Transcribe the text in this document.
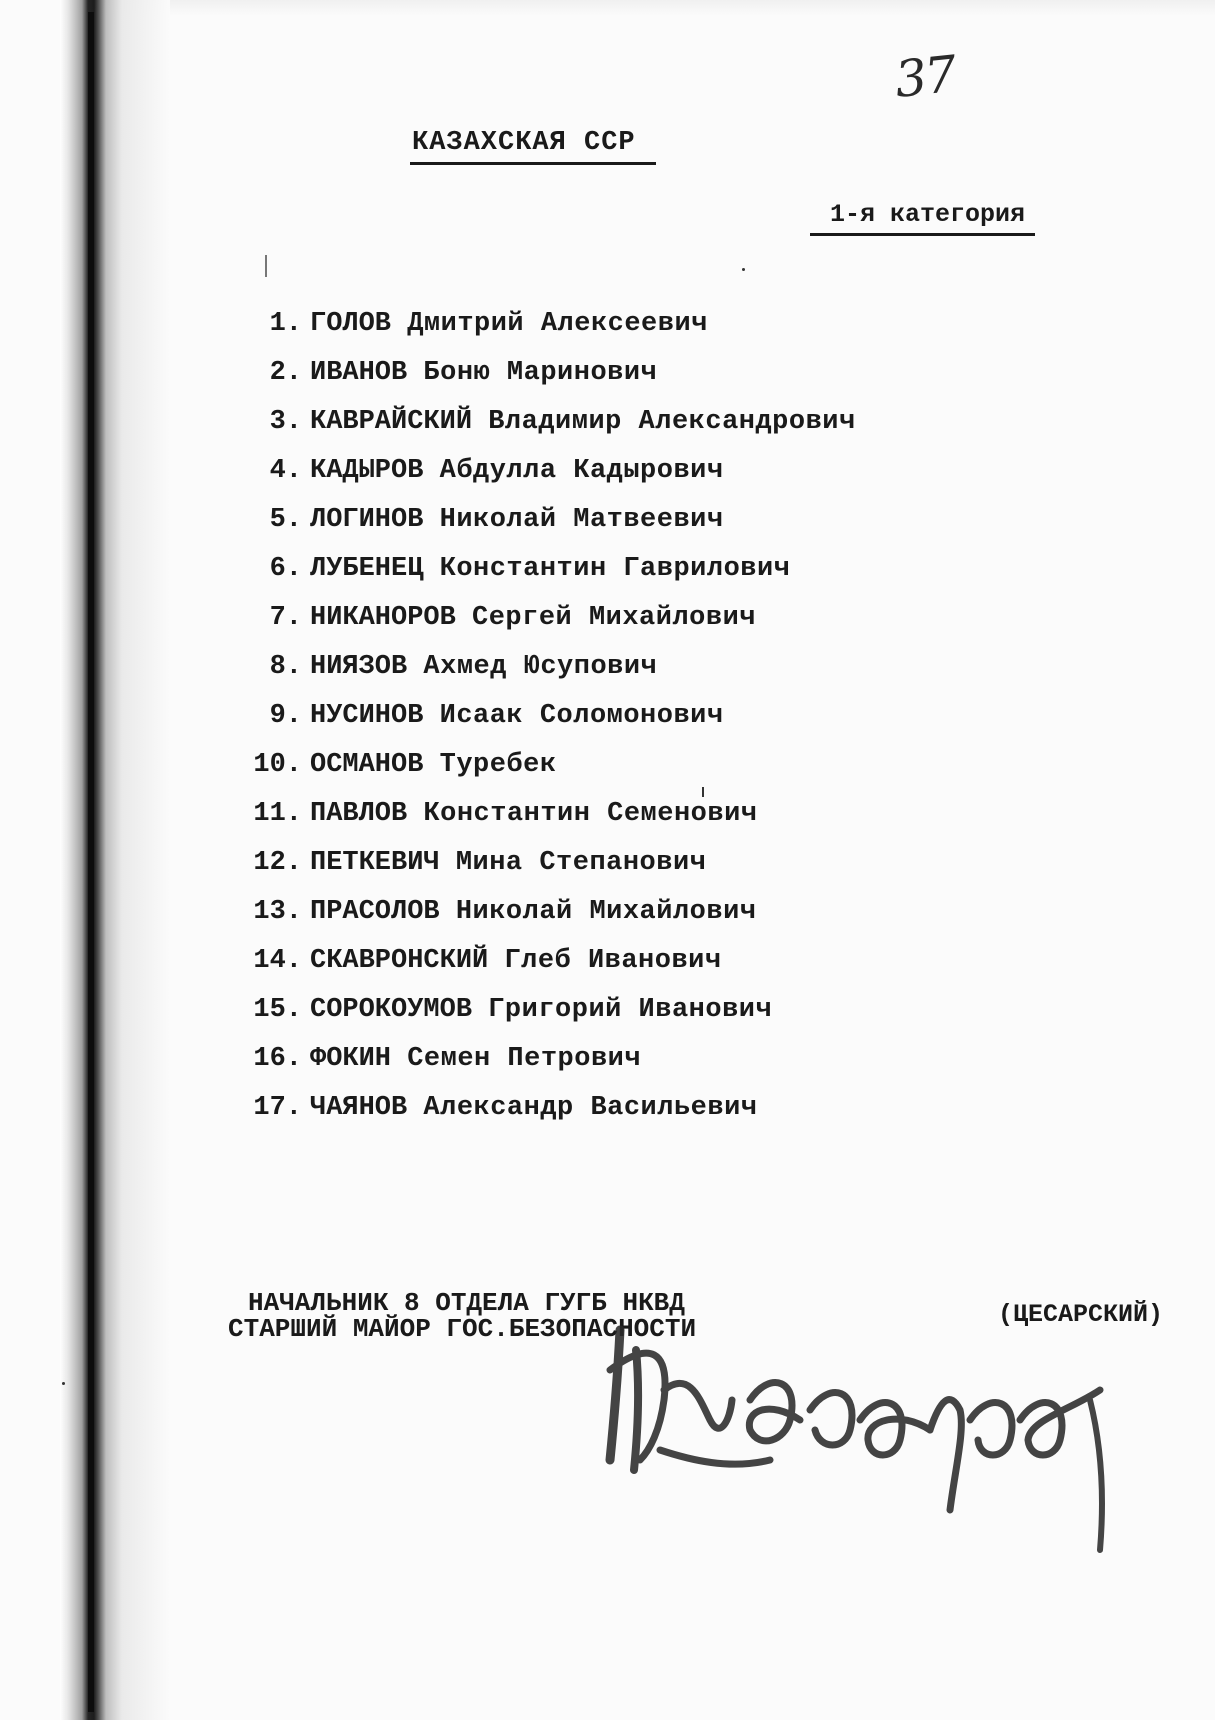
37
КАЗАХСКАЯ ССР
1-я категория
1. ГОЛОВ Дмитрий Алексеевич
2. ИВАНОВ Боню Маринович
3. КАВРАЙСКИЙ Владимир Александрович
4. КАДЫРОВ Абдулла Кадырович
5. ЛОГИНОВ Николай Матвеевич
6. ЛУБЕНЕЦ Константин Гаврилович
7. НИКАНОРОВ Сергей Михайлович
8. НИЯЗОВ Ахмед Юсупович
9. НУСИНОВ Исаак Соломонович
10. ОСМАНОВ Туребек
11. ПАВЛОВ Константин Семенович
12. ПЕТКЕВИЧ Мина Степанович
13. ПРАСОЛОВ Николай Михайлович
14. СКАВРОНСКИЙ Глеб Иванович
15. СОРОКОУМОВ Григорий Иванович
16. ФОКИН Семен Петрович
17. ЧАЯНОВ Александр Васильевич
НАЧАЛЬНИК 8 ОТДЕЛА ГУГБ НКВД
СТАРШИЙ МАЙОР ГОС.БЕЗОПАСНОСТИ	(ЦЕСАРСКИЙ)
